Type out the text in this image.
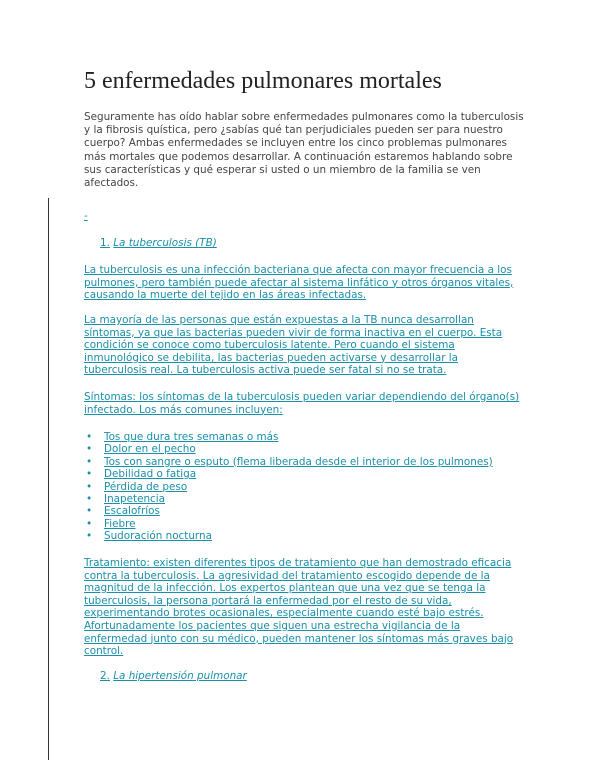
5 enfermedades pulmonares mortales

Seguramente has oído hablar sobre enfermedades pulmonares como la tuberculosis y la fibrosis quística, pero ¿sabías qué tan perjudiciales pueden ser para nuestro cuerpo? Ambas enfermedades se incluyen entre los cinco problemas pulmonares más mortales que podemos desarrollar. A continuación estaremos hablando sobre sus características y qué esperar si usted o un miembro de la familia se ven afectados.

-
1. La tuberculosis (TB)

La tuberculosis es una infección bacteriana que afecta con mayor frecuencia a los pulmones, pero también puede afectar al sistema linfático y otros órganos vitales, causando la muerte del tejido en las áreas infectadas.

La mayoría de las personas que están expuestas a la TB nunca desarrollan síntomas, ya que las bacterias pueden vivir de forma inactiva en el cuerpo. Esta condición se conoce como tuberculosis latente. Pero cuando el sistema inmunológico se debilita, las bacterias pueden activarse y desarrollar la tuberculosis real. La tuberculosis activa puede ser fatal si no se trata.

Síntomas: los síntomas de la tuberculosis pueden variar dependiendo del órgano(s) infectado. Los más comunes incluyen:

• Tos que dura tres semanas o más
• Dolor en el pecho
• Tos con sangre o esputo (flema liberada desde el interior de los pulmones)
• Debilidad o fatiga
• Pérdida de peso
• Inapetencia
• Escalofríos
• Fiebre
• Sudoración nocturna

Tratamiento: existen diferentes tipos de tratamiento que han demostrado eficacia contra la tuberculosis. La agresividad del tratamiento escogido depende de la magnitud de la infección. Los expertos plantean que una vez que se tenga la tuberculosis, la persona portará la enfermedad por el resto de su vida, experimentando brotes ocasionales, especialmente cuando esté bajo estrés. Afortunadamente los pacientes que siguen una estrecha vigilancia de la enfermedad junto con su médico, pueden mantener los síntomas más graves bajo control.

2. La hipertensión pulmonar
